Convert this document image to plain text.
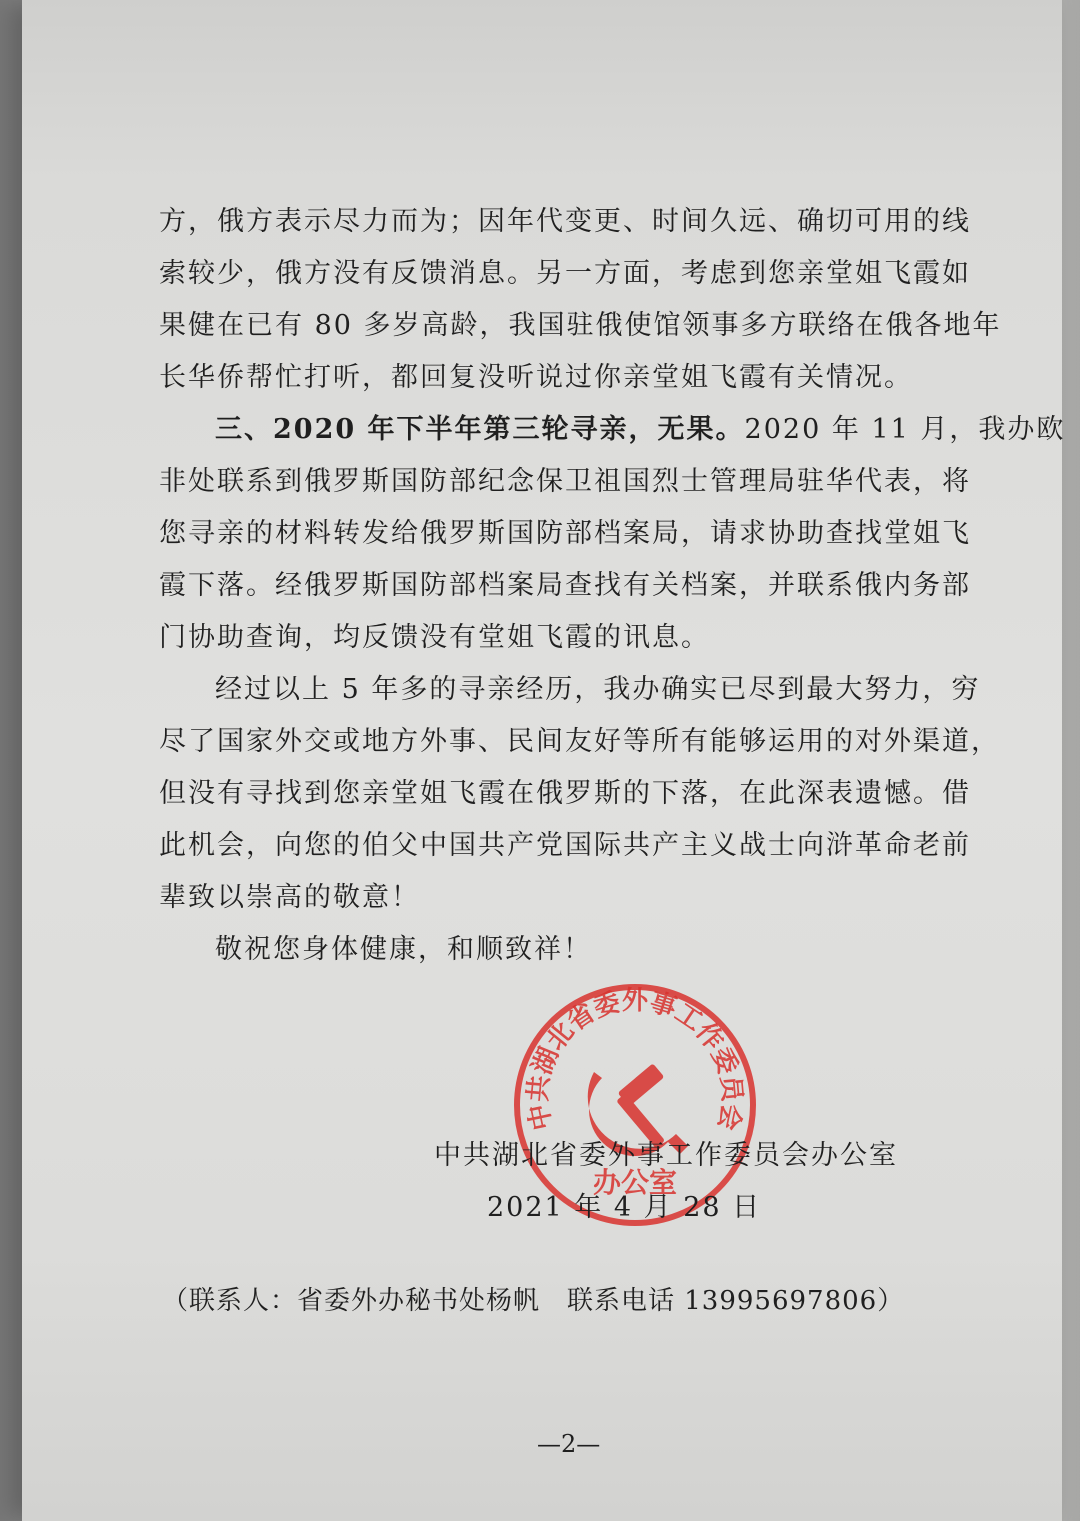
方，俄方表示尽力而为；因年代变更、时间久远、确切可用的线
索较少，俄方没有反馈消息。另一方面，考虑到您亲堂姐飞霞如
果健在已有 80 多岁高龄，我国驻俄使馆领事多方联络在俄各地年
长华侨帮忙打听，都回复没听说过你亲堂姐飞霞有关情况。
三、2020 年下半年第三轮寻亲，无果。2020 年 11 月，我办欧
非处联系到俄罗斯国防部纪念保卫祖国烈士管理局驻华代表，将
您寻亲的材料转发给俄罗斯国防部档案局，请求协助查找堂姐飞
霞下落。经俄罗斯国防部档案局查找有关档案，并联系俄内务部
门协助查询，均反馈没有堂姐飞霞的讯息。
经过以上 5 年多的寻亲经历，我办确实已尽到最大努力，穷
尽了国家外交或地方外事、民间友好等所有能够运用的对外渠道，
但没有寻找到您亲堂姐飞霞在俄罗斯的下落，在此深表遗憾。借
此机会，向您的伯父中国共产党国际共产主义战士向浒革命老前
辈致以崇高的敬意！
敬祝您身体健康，和顺致祥！
中共湖北省委外事工作委员会
办公室
中共湖北省委外事工作委员会办公室
2021 年 4 月 28 日
（联系人：省委外办秘书处杨帆　联系电话 13995697806）
—2—
